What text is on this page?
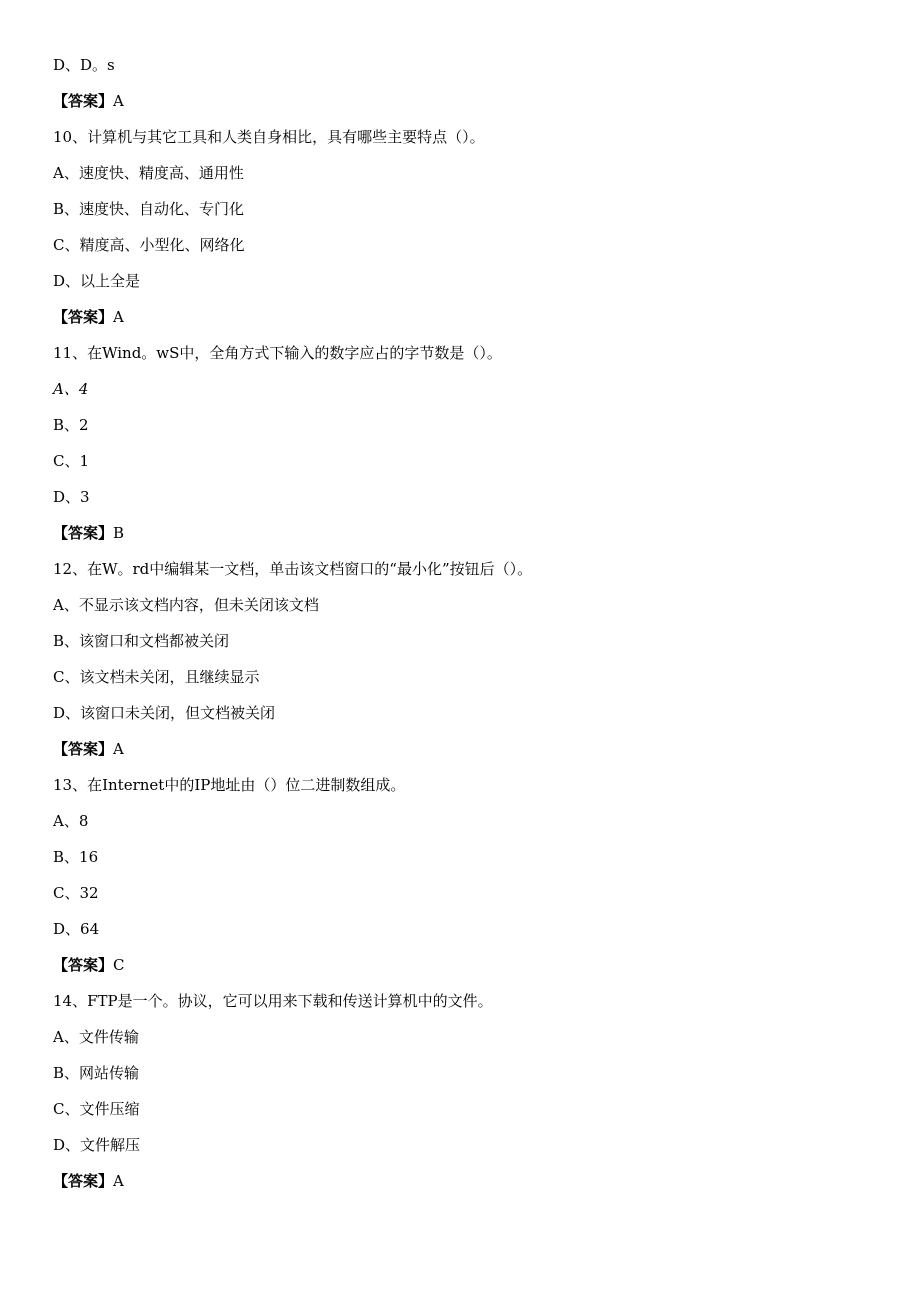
D、D。s
【答案】A
10、计算机与其它工具和人类自身相比，具有哪些主要特点（）。
A、速度快、精度高、通用性
B、速度快、自动化、专门化
C、精度高、小型化、网络化
D、以上全是
【答案】A
11、在Wind。wS中，全角方式下输入的数字应占的字节数是（）。
A、4
B、2
C、1
D、3
【答案】B
12、在W。rd中编辑某一文档，单击该文档窗口的“最小化”按钮后（）。
A、不显示该文档内容，但未关闭该文档
B、该窗口和文档都被关闭
C、该文档未关闭，且继续显示
D、该窗口未关闭，但文档被关闭
【答案】A
13、在Internet中的IP地址由（）位二进制数组成。
A、8
B、16
C、32
D、64
【答案】C
14、FTP是一个。协议，它可以用来下载和传送计算机中的文件。
A、文件传输
B、网站传输
C、文件压缩
D、文件解压
【答案】A
